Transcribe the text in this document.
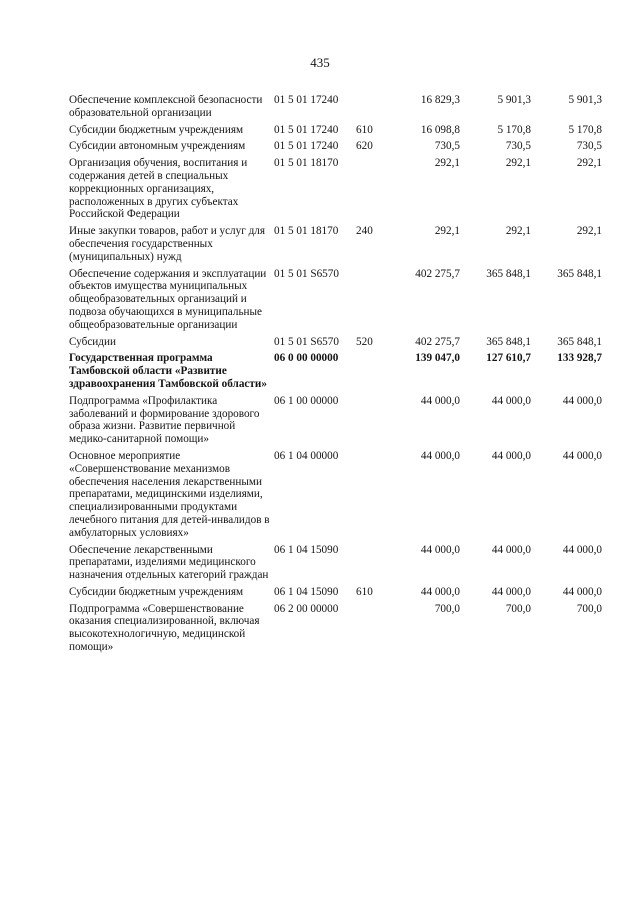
435
Обеспечение комплексной безопасности образовательной организации	01 5 01 17240		16 829,3	5 901,3	5 901,3
Субсидии бюджетным учреждениям	01 5 01 17240	610	16 098,8	5 170,8	5 170,8
Субсидии автономным учреждениям	01 5 01 17240	620	730,5	730,5	730,5
Организация обучения, воспитания и содержания детей в специальных коррекционных организациях, расположенных в других субъектах Российской Федерации	01 5 01 18170		292,1	292,1	292,1
Иные закупки товаров, работ и услуг для обеспечения государственных (муниципальных) нужд	01 5 01 18170	240	292,1	292,1	292,1
Обеспечение содержания и эксплуатации объектов имущества муниципальных общеобразовательных организаций и подвоза обучающихся в муниципальные общеобразовательные организации	01 5 01 S6570		402 275,7	365 848,1	365 848,1
Субсидии	01 5 01 S6570	520	402 275,7	365 848,1	365 848,1
Государственная программа Тамбовской области «Развитие здравоохранения Тамбовской области»	06 0 00 00000		139 047,0	127 610,7	133 928,7
Подпрограмма «Профилактика заболеваний и формирование здорового образа жизни. Развитие первичной медико-санитарной помощи»	06 1 00 00000		44 000,0	44 000,0	44 000,0
Основное мероприятие «Совершенствование механизмов обеспечения населения лекарственными препаратами, медицинскими изделиями, специализированными продуктами лечебного питания для детей-инвалидов в амбулаторных условиях»	06 1 04 00000		44 000,0	44 000,0	44 000,0
Обеспечение лекарственными препаратами, изделиями медицинского назначения отдельных категорий граждан	06 1 04 15090		44 000,0	44 000,0	44 000,0
Субсидии бюджетным учреждениям	06 1 04 15090	610	44 000,0	44 000,0	44 000,0
Подпрограмма «Совершенствование оказания специализированной, включая высокотехнологичную, медицинской помощи»	06 2 00 00000		700,0	700,0	700,0
